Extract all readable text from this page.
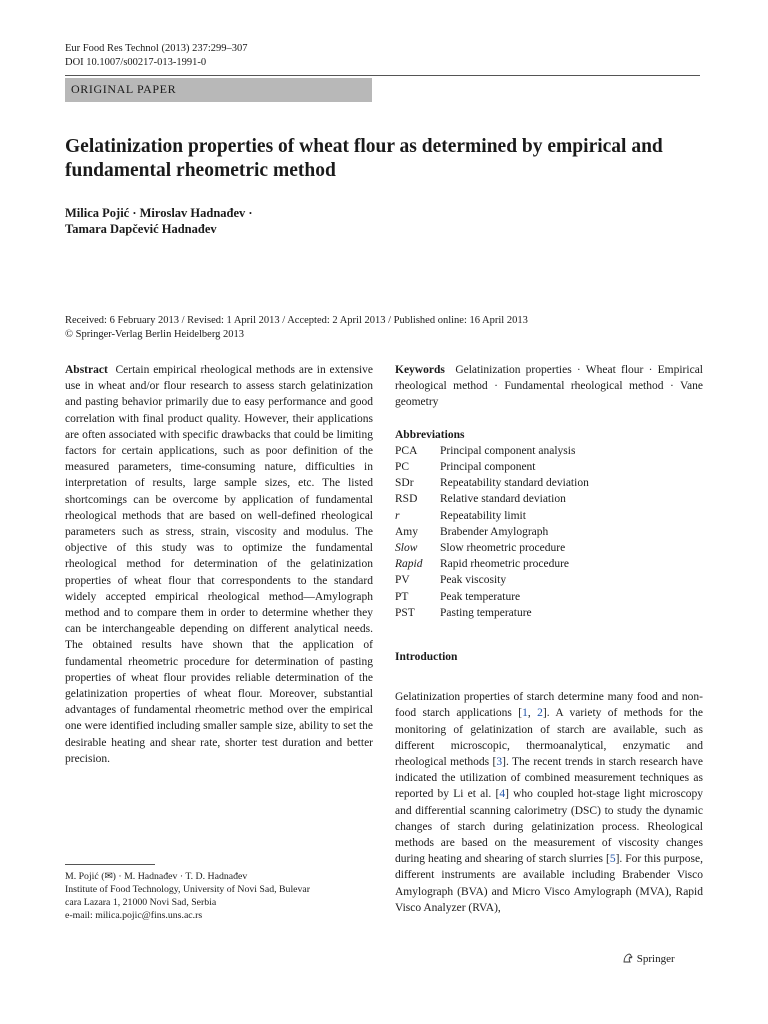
Eur Food Res Technol (2013) 237:299–307
DOI 10.1007/s00217-013-1991-0
ORIGINAL PAPER
Gelatinization properties of wheat flour as determined by empirical and fundamental rheometric method
Milica Pojić · Miroslav Hadnađev ·
Tamara Dapčević Hadnađev
Received: 6 February 2013 / Revised: 1 April 2013 / Accepted: 2 April 2013 / Published online: 16 April 2013
© Springer-Verlag Berlin Heidelberg 2013

Abstract Certain empirical rheological methods are in extensive use in wheat and/or flour research to assess starch gelatinization and pasting behavior primarily due to easy performance and good correlation with final product quality. However, their applications are often associated with specific drawbacks that could be limiting factors for certain applications, such as poor definition of the measured parameters, time-consuming nature, difficulties in interpretation of results, large sample sizes, etc. The listed shortcomings can be overcome by application of fundamental rheological methods that are based on well-defined rheological parameters such as stress, strain, viscosity and modulus. The objective of this study was to optimize the fundamental rheological method for determination of the gelatinization properties of wheat flour that correspondents to the standard widely accepted empirical rheological method—Amylograph method and to compare them in order to determine whether they can be interchangeable depending on different analytical needs. The obtained results have shown that the application of fundamental rheometric procedure for determination of pasting properties of wheat flour provides reliable determination of the gelatinization properties of wheat flour. Moreover, substantial advantages of fundamental rheometric method over the empirical one were identified including smaller sample size, ability to set the desirable heating and shear rate, shorter test duration and better precision.

Keywords Gelatinization properties · Wheat flour · Empirical rheological method · Fundamental rheological method · Vane geometry

Abbreviations
PCA	Principal component analysis
PC	Principal component
SDr	Repeatability standard deviation
RSD	Relative standard deviation
r	Repeatability limit
Amy	Brabender Amylograph
Slow	Slow rheometric procedure
Rapid	Rapid rheometric procedure
PV	Peak viscosity
PT	Peak temperature
PST	Pasting temperature
Introduction

Gelatinization properties of starch determine many food and non-food starch applications [1, 2]. A variety of methods for the monitoring of gelatinization of starch are available, such as different microscopic, thermoanalytical, enzymatic and rheological methods [3]. The recent trends in starch research have indicated the utilization of combined measurement techniques as reported by Li et al. [4] who coupled hot-stage light microscopy and differential scanning calorimetry (DSC) to study the dynamic changes of starch during gelatinization process. Rheological methods are based on the measurement of viscosity changes during heating and shearing of starch slurries [5]. For this purpose, different instruments are available including Brabender Visco Amylograph (BVA) and Micro Visco Amylograph (MVA), Rapid Visco Analyzer (RVA),

M. Pojić (✉) · M. Hadnađev · T. D. Hadnađev
Institute of Food Technology, University of Novi Sad, Bulevar
cara Lazara 1, 21000 Novi Sad, Serbia
e-mail: milica.pojic@fins.uns.ac.rs
Springer
